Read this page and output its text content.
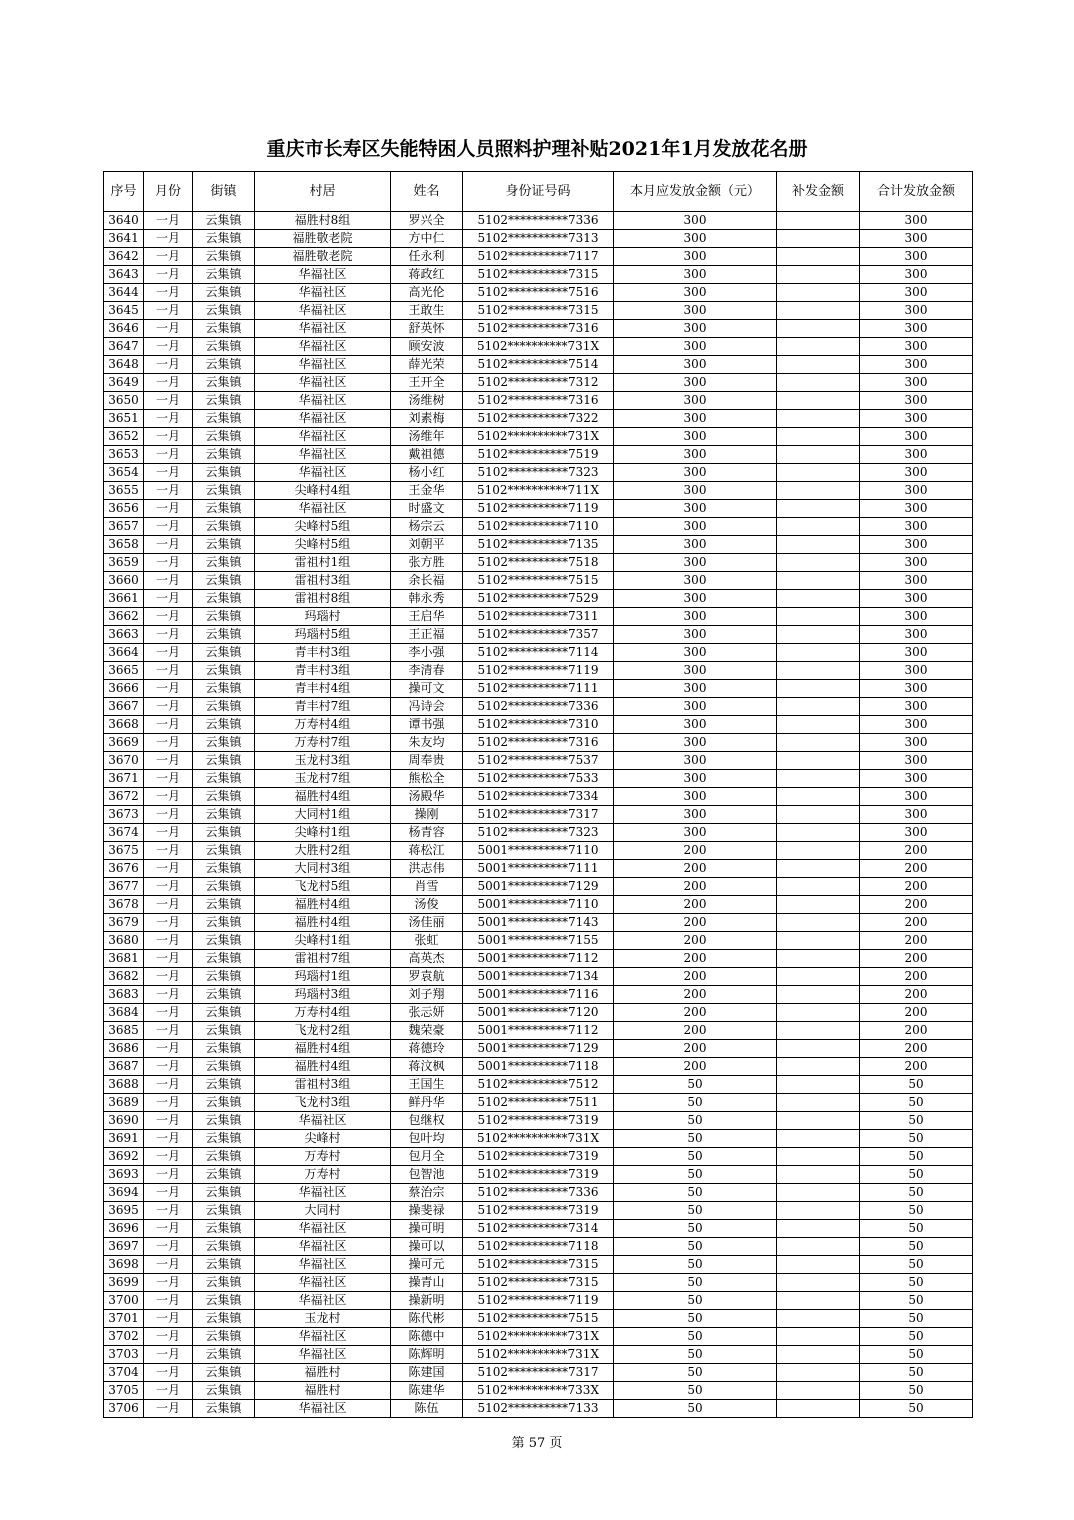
重庆市长寿区失能特困人员照料护理补贴2021年1月发放花名册
序号	月份	街镇	村居	姓名	身份证号码	本月应发放金额（元）	补发金额	合计发放金额
3640	一月	云集镇	福胜村8组	罗兴全	5102**********7336	300		300
3641	一月	云集镇	福胜敬老院	方中仁	5102**********7313	300		300
3642	一月	云集镇	福胜敬老院	任永利	5102**********7117	300		300
3643	一月	云集镇	华福社区	蒋政红	5102**********7315	300		300
3644	一月	云集镇	华福社区	高光伦	5102**********7516	300		300
3645	一月	云集镇	华福社区	王敢生	5102**********7315	300		300
3646	一月	云集镇	华福社区	舒英怀	5102**********7316	300		300
3647	一月	云集镇	华福社区	顾安波	5102**********731X	300		300
3648	一月	云集镇	华福社区	薛光荣	5102**********7514	300		300
3649	一月	云集镇	华福社区	王开全	5102**********7312	300		300
3650	一月	云集镇	华福社区	汤维树	5102**********7316	300		300
3651	一月	云集镇	华福社区	刘素梅	5102**********7322	300		300
3652	一月	云集镇	华福社区	汤维年	5102**********731X	300		300
3653	一月	云集镇	华福社区	戴祖德	5102**********7519	300		300
3654	一月	云集镇	华福社区	杨小红	5102**********7323	300		300
3655	一月	云集镇	尖峰村4组	王金华	5102**********711X	300		300
3656	一月	云集镇	华福社区	时盛文	5102**********7119	300		300
3657	一月	云集镇	尖峰村5组	杨宗云	5102**********7110	300		300
3658	一月	云集镇	尖峰村5组	刘朝平	5102**********7135	300		300
3659	一月	云集镇	雷祖村1组	张方胜	5102**********7518	300		300
3660	一月	云集镇	雷祖村3组	余长福	5102**********7515	300		300
3661	一月	云集镇	雷祖村8组	韩永秀	5102**********7529	300		300
3662	一月	云集镇	玛瑙村	王启华	5102**********7311	300		300
3663	一月	云集镇	玛瑙村5组	王正福	5102**********7357	300		300
3664	一月	云集镇	青丰村3组	李小强	5102**********7114	300		300
3665	一月	云集镇	青丰村3组	李清春	5102**********7119	300		300
3666	一月	云集镇	青丰村4组	操可文	5102**********7111	300		300
3667	一月	云集镇	青丰村7组	冯诗会	5102**********7336	300		300
3668	一月	云集镇	万寿村4组	谭书强	5102**********7310	300		300
3669	一月	云集镇	万寿村7组	朱友均	5102**********7316	300		300
3670	一月	云集镇	玉龙村3组	周奉贵	5102**********7537	300		300
3671	一月	云集镇	玉龙村7组	熊松全	5102**********7533	300		300
3672	一月	云集镇	福胜村4组	汤殿华	5102**********7334	300		300
3673	一月	云集镇	大同村1组	操刚	5102**********7317	300		300
3674	一月	云集镇	尖峰村1组	杨青容	5102**********7323	300		300
3675	一月	云集镇	大胜村2组	蒋松江	5001**********7110	200		200
3676	一月	云集镇	大同村3组	洪志伟	5001**********7111	200		200
3677	一月	云集镇	飞龙村5组	肖雪	5001**********7129	200		200
3678	一月	云集镇	福胜村4组	汤俊	5001**********7110	200		200
3679	一月	云集镇	福胜村4组	汤佳丽	5001**********7143	200		200
3680	一月	云集镇	尖峰村1组	张虹	5001**********7155	200		200
3681	一月	云集镇	雷祖村7组	高英杰	5001**********7112	200		200
3682	一月	云集镇	玛瑙村1组	罗袁航	5001**********7134	200		200
3683	一月	云集镇	玛瑙村3组	刘子翔	5001**********7116	200		200
3684	一月	云集镇	万寿村4组	张忈妍	5001**********7120	200		200
3685	一月	云集镇	飞龙村2组	魏荣豪	5001**********7112	200		200
3686	一月	云集镇	福胜村4组	蒋德玲	5001**********7129	200		200
3687	一月	云集镇	福胜村4组	蒋汶枫	5001**********7118	200		200
3688	一月	云集镇	雷祖村3组	王国生	5102**********7512	50		50
3689	一月	云集镇	飞龙村3组	鲜丹华	5102**********7511	50		50
3690	一月	云集镇	华福社区	包继权	5102**********7319	50		50
3691	一月	云集镇	尖峰村	包叶均	5102**********731X	50		50
3692	一月	云集镇	万寿村	包月全	5102**********7319	50		50
3693	一月	云集镇	万寿村	包智池	5102**********7319	50		50
3694	一月	云集镇	华福社区	蔡治宗	5102**********7336	50		50
3695	一月	云集镇	大同村	操斐禄	5102**********7319	50		50
3696	一月	云集镇	华福社区	操可明	5102**********7314	50		50
3697	一月	云集镇	华福社区	操可以	5102**********7118	50		50
3698	一月	云集镇	华福社区	操可元	5102**********7315	50		50
3699	一月	云集镇	华福社区	操青山	5102**********7315	50		50
3700	一月	云集镇	华福社区	操新明	5102**********7119	50		50
3701	一月	云集镇	玉龙村	陈代彬	5102**********7515	50		50
3702	一月	云集镇	华福社区	陈德中	5102**********731X	50		50
3703	一月	云集镇	华福社区	陈辉明	5102**********731X	50		50
3704	一月	云集镇	福胜村	陈建国	5102**********7317	50		50
3705	一月	云集镇	福胜村	陈建华	5102**********733X	50		50
3706	一月	云集镇	华福社区	陈伍	5102**********7133	50		50
第 57 页
